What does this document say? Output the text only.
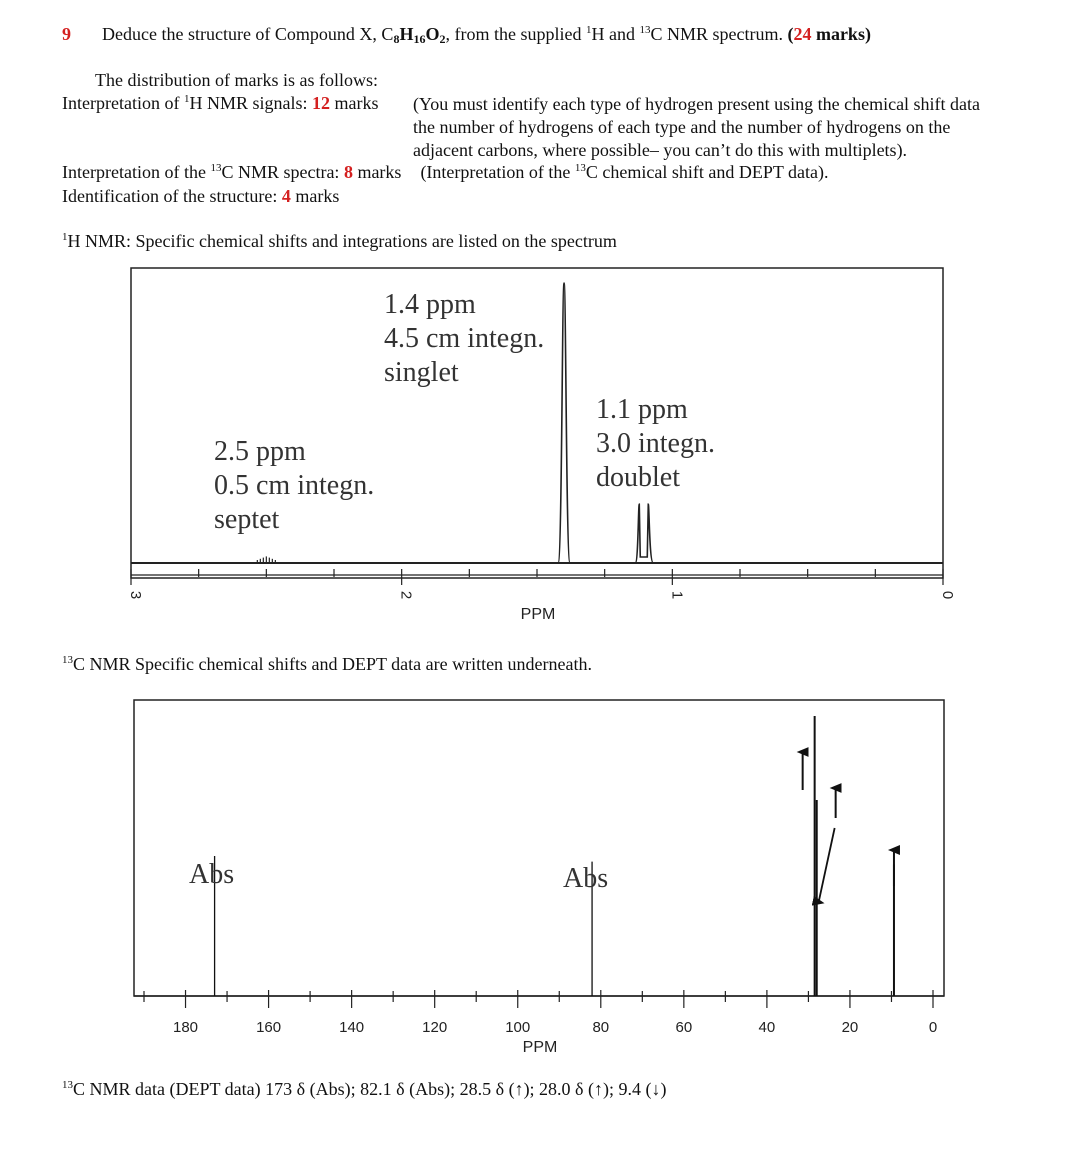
9 Deduce the structure of Compound X, C8H16O2, from the supplied $^1$H and $^{13}$C NMR spectrum. (24 marks)
The distribution of marks is as follows:
Interpretation of $^1$H NMR signals: 12 marks (You must identify each type of hydrogen present using the chemical shift data
the number of hydrogens of each type and the number of hydrogens on the
adjacent carbons, where possible– you can’t do this with multiplets).
Interpretation of the $^{13}$C NMR spectra: 8 marks (Interpretation of the $^{13}$C chemical shift and DEPT data).
Identification of the structure: 4 marks
$^1$H NMR: Specific chemical shifts and integrations are listed on the spectrum
3	2	1	0
PPM
1.4 ppm
4.5 cm integn.
singlet
1.1 ppm
3.0 integn.
doublet
2.5 ppm
0.5 cm integn.
septet
$^{13}$C NMR Specific chemical shifts and DEPT data are written underneath.
180	160	140	120	100	80	60	40	20	0
PPM
Abs	Abs
$^{13}$C NMR data (DEPT data) 173 δ (Abs); 82.1 δ (Abs); 28.5 δ (↑); 28.0 δ (↑); 9.4 (↓)
